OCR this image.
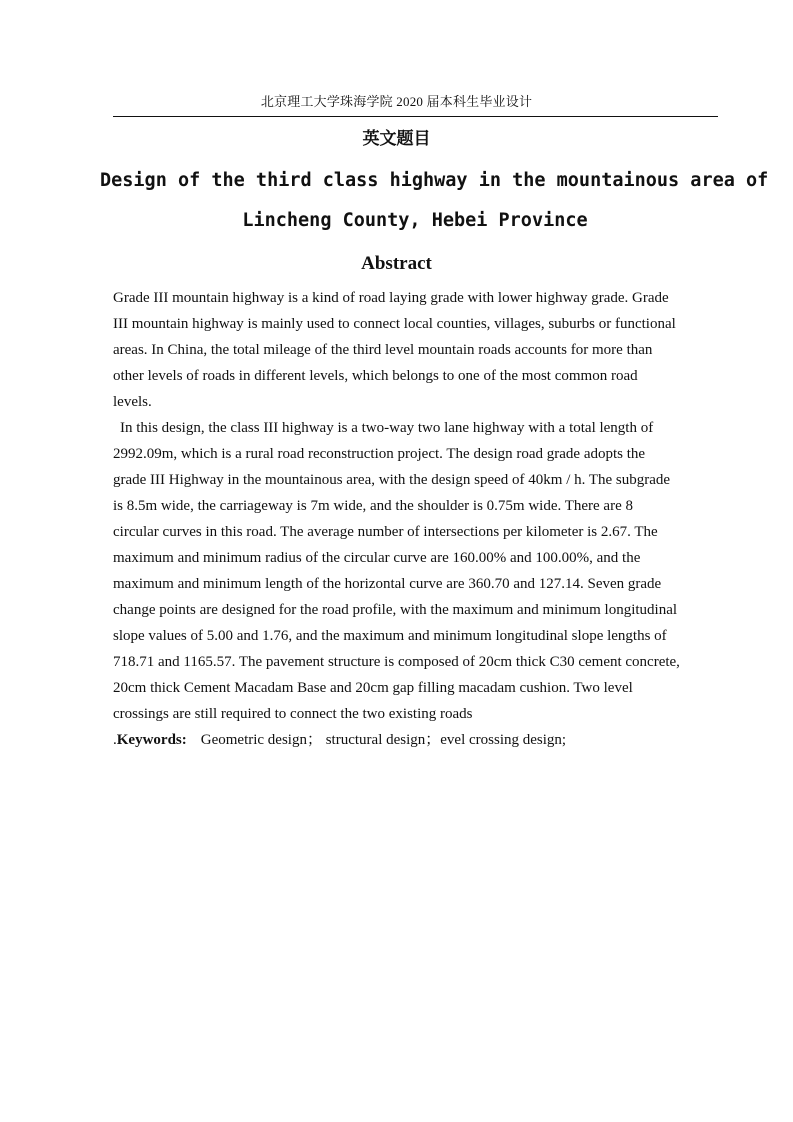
北京理工大学珠海学院 2020 届本科生毕业设计
英文题目
Design of the third class highway in the mountainous area of
Lincheng County, Hebei Province
Abstract
Grade III mountain highway is a kind of road laying grade with lower highway grade. Grade
III mountain highway is mainly used to connect local counties, villages, suburbs or functional
areas. In China, the total mileage of the third level mountain roads accounts for more than
other levels of roads in different levels, which belongs to one of the most common road
levels.
In this design, the class III highway is a two-way two lane highway with a total length of
2992.09m, which is a rural road reconstruction project. The design road grade adopts the
grade III Highway in the mountainous area, with the design speed of 40km / h. The subgrade
is 8.5m wide, the carriageway is 7m wide, and the shoulder is 0.75m wide. There are 8
circular curves in this road. The average number of intersections per kilometer is 2.67. The
maximum and minimum radius of the circular curve are 160.00% and 100.00%, and the
maximum and minimum length of the horizontal curve are 360.70 and 127.14. Seven grade
change points are designed for the road profile, with the maximum and minimum longitudinal
slope values of 5.00 and 1.76, and the maximum and minimum longitudinal slope lengths of
718.71 and 1165.57. The pavement structure is composed of 20cm thick C30 cement concrete,
20cm thick Cement Macadam Base and 20cm gap filling macadam cushion. Two level
crossings are still required to connect the two existing roads
.Keywords: Geometric design； structural design；evel crossing design;
